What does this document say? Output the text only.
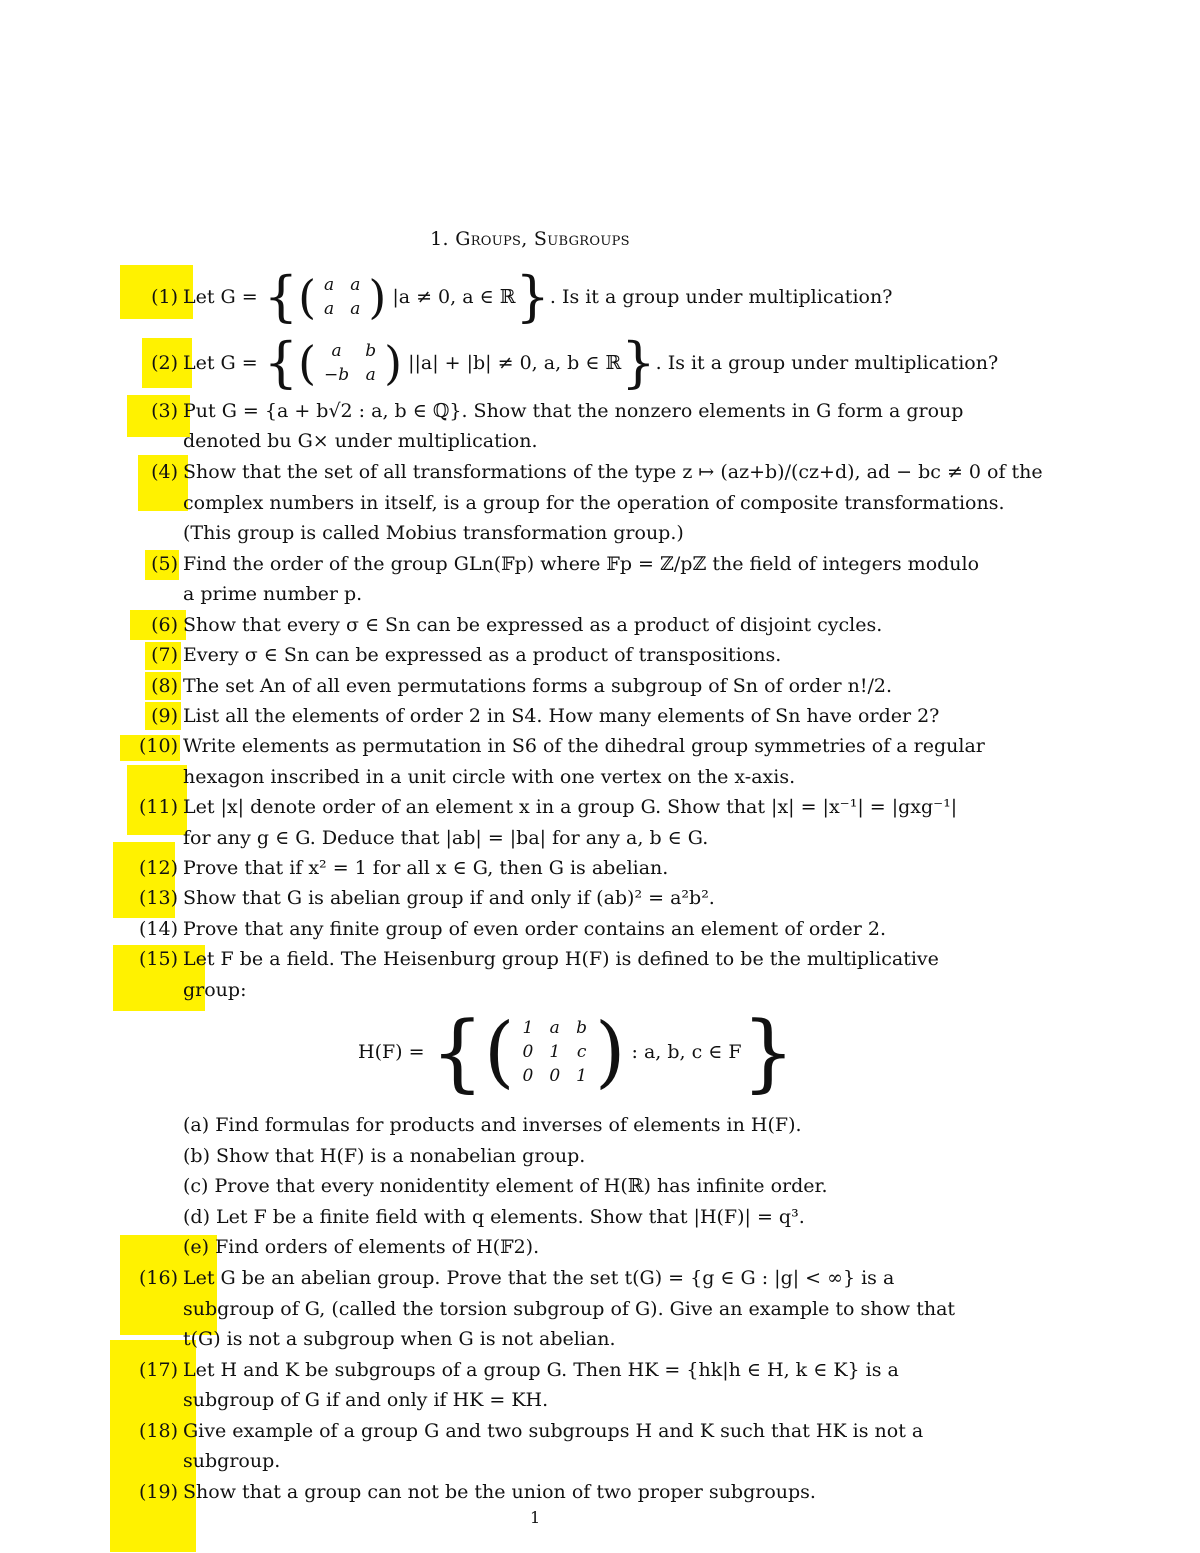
1. Groups, Subgroups
(1) Let G = {( a	a
a	a ) |a ≠ 0, a ∈ ℝ}. Is it a group under multiplication?
(2) Let G = {( a	b
−b	a ) ||a| + |b| ≠ 0, a, b ∈ ℝ}. Is it a group under multiplication?
(3) Put G = {a + b√2 : a, b ∈ ℚ}. Show that the nonzero elements in G form a group
denoted bu G× under multiplication.
(4) Show that the set of all transformations of the type z ↦ (az+b)/(cz+d), ad − bc ≠ 0 of the
complex numbers in itself, is a group for the operation of composite transformations.
(This group is called Mobius transformation group.)
(5) Find the order of the group GLn(𝔽p) where 𝔽p = ℤ/pℤ the field of integers modulo
a prime number p.
(6) Show that every σ ∈ Sn can be expressed as a product of disjoint cycles.
(7) Every σ ∈ Sn can be expressed as a product of transpositions.
(8) The set An of all even permutations forms a subgroup of Sn of order n!/2.
(9) List all the elements of order 2 in S4. How many elements of Sn have order 2?
(10) Write elements as permutation in S6 of the dihedral group symmetries of a regular
hexagon inscribed in a unit circle with one vertex on the x-axis.
(11) Let |x| denote order of an element x in a group G. Show that |x| = |x⁻¹| = |gxg⁻¹|
for any g ∈ G. Deduce that |ab| = |ba| for any a, b ∈ G.
(12) Prove that if x² = 1 for all x ∈ G, then G is abelian.
(13) Show that G is abelian group if and only if (ab)² = a²b².
(14) Prove that any finite group of even order contains an element of order 2.
(15) Let F be a field. The Heisenburg group H(F) is defined to be the multiplicative
group:
H(F) = {( 1	a	b
0	1	c
0	0	1 ) : a, b, c ∈ F}
(a) Find formulas for products and inverses of elements in H(F).
(b) Show that H(F) is a nonabelian group.
(c) Prove that every nonidentity element of H(ℝ) has infinite order.
(d) Let F be a finite field with q elements. Show that |H(F)| = q³.
(e) Find orders of elements of H(𝔽2).
(16) Let G be an abelian group. Prove that the set t(G) = {g ∈ G : |g| < ∞} is a
subgroup of G, (called the torsion subgroup of G). Give an example to show that
t(G) is not a subgroup when G is not abelian.
(17) Let H and K be subgroups of a group G. Then HK = {hk|h ∈ H, k ∈ K} is a
subgroup of G if and only if HK = KH.
(18) Give example of a group G and two subgroups H and K such that HK is not a
subgroup.
(19) Show that a group can not be the union of two proper subgroups.
1
